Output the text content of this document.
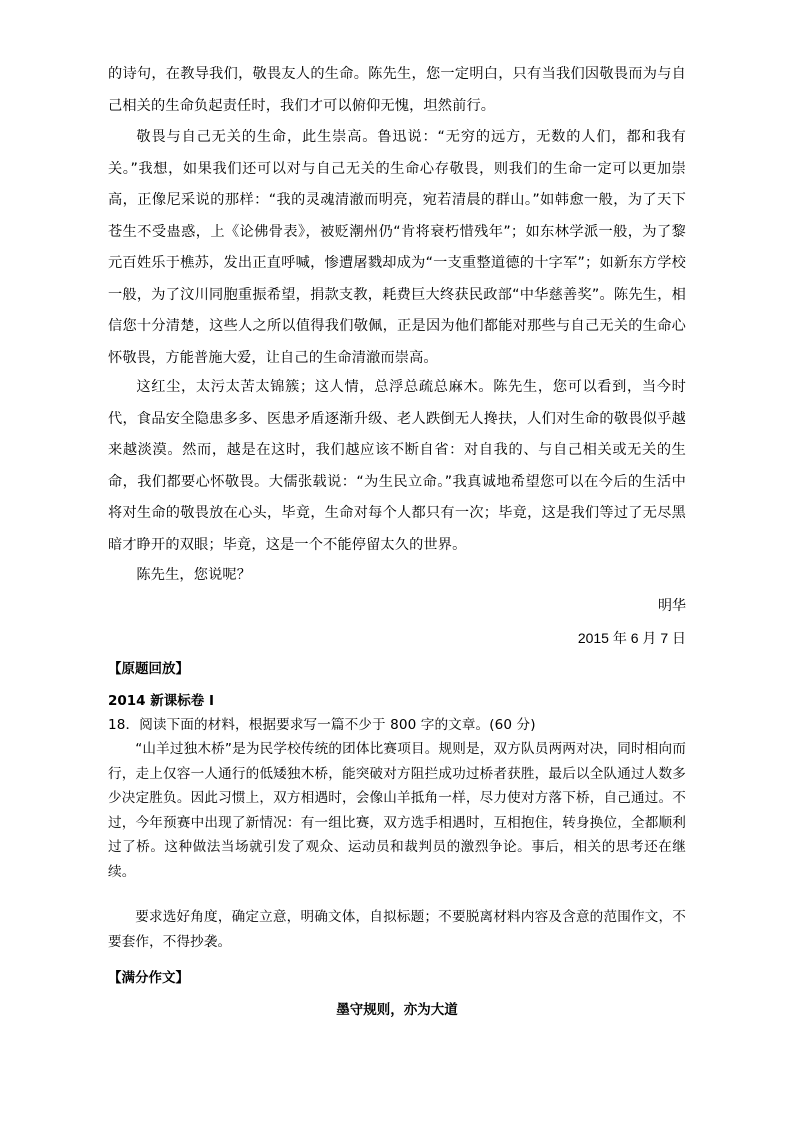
的诗句，在教导我们，敬畏友人的生命。陈先生，您一定明白，只有当我们因敬畏而为与自己相关的生命负起责任时，我们才可以俯仰无愧，坦然前行。

敬畏与自己无关的生命，此生崇高。鲁迅说：“无穷的远方，无数的人们，都和我有关。”我想，如果我们还可以对与自己无关的生命心存敬畏，则我们的生命一定可以更加崇高，正像尼采说的那样：“我的灵魂清澈而明亮，宛若清晨的群山。”如韩愈一般，为了天下苍生不受蛊惑，上《论佛骨表》，被贬潮州仍“肯将衰朽惜残年”；如东林学派一般，为了黎元百姓乐于樵苏，发出正直呼喊，惨遭屠戮却成为“一支重整道德的十字军”；如新东方学校一般，为了汶川同胞重振希望，捐款支教，耗费巨大终获民政部“中华慈善奖”。陈先生，相信您十分清楚，这些人之所以值得我们敬佩，正是因为他们都能对那些与自己无关的生命心怀敬畏，方能普施大爱，让自己的生命清澈而崇高。

这红尘，太污太苦太锦簇；这人情，总浮总疏总麻木。陈先生，您可以看到，当今时代，食品安全隐患多多、医患矛盾逐渐升级、老人跌倒无人搀扶，人们对生命的敬畏似乎越来越淡漠。然而，越是在这时，我们越应该不断自省：对自我的、与自己相关或无关的生命，我们都要心怀敬畏。大儒张载说：“为生民立命。”我真诚地希望您可以在今后的生活中将对生命的敬畏放在心头，毕竟，生命对每个人都只有一次；毕竟，这是我们等过了无尽黑暗才睁开的双眼；毕竟，这是一个不能停留太久的世界。

陈先生，您说呢？

明华
2015 年 6 月 7 日
【原题回放】
2014 新课标卷 I

18．阅读下面的材料，根据要求写一篇不少于 800 字的文章。(60 分)

“山羊过独木桥”是为民学校传统的团体比赛项目。规则是，双方队员两两对决，同时相向而行，走上仅容一人通行的低矮独木桥，能突破对方阻拦成功过桥者获胜，最后以全队通过人数多少决定胜负。因此习惯上，双方相遇时，会像山羊抵角一样，尽力使对方落下桥，自己通过。不过，今年预赛中出现了新情况：有一组比赛，双方选手相遇时，互相抱住，转身换位，全都顺利过了桥。这种做法当场就引发了观众、运动员和裁判员的激烈争论。事后，相关的思考还在继续。

要求选好角度，确定立意，明确文体，自拟标题；不要脱离材料内容及含意的范围作文，不要套作，不得抄袭。

【满分作文】
墨守规则，亦为大道
